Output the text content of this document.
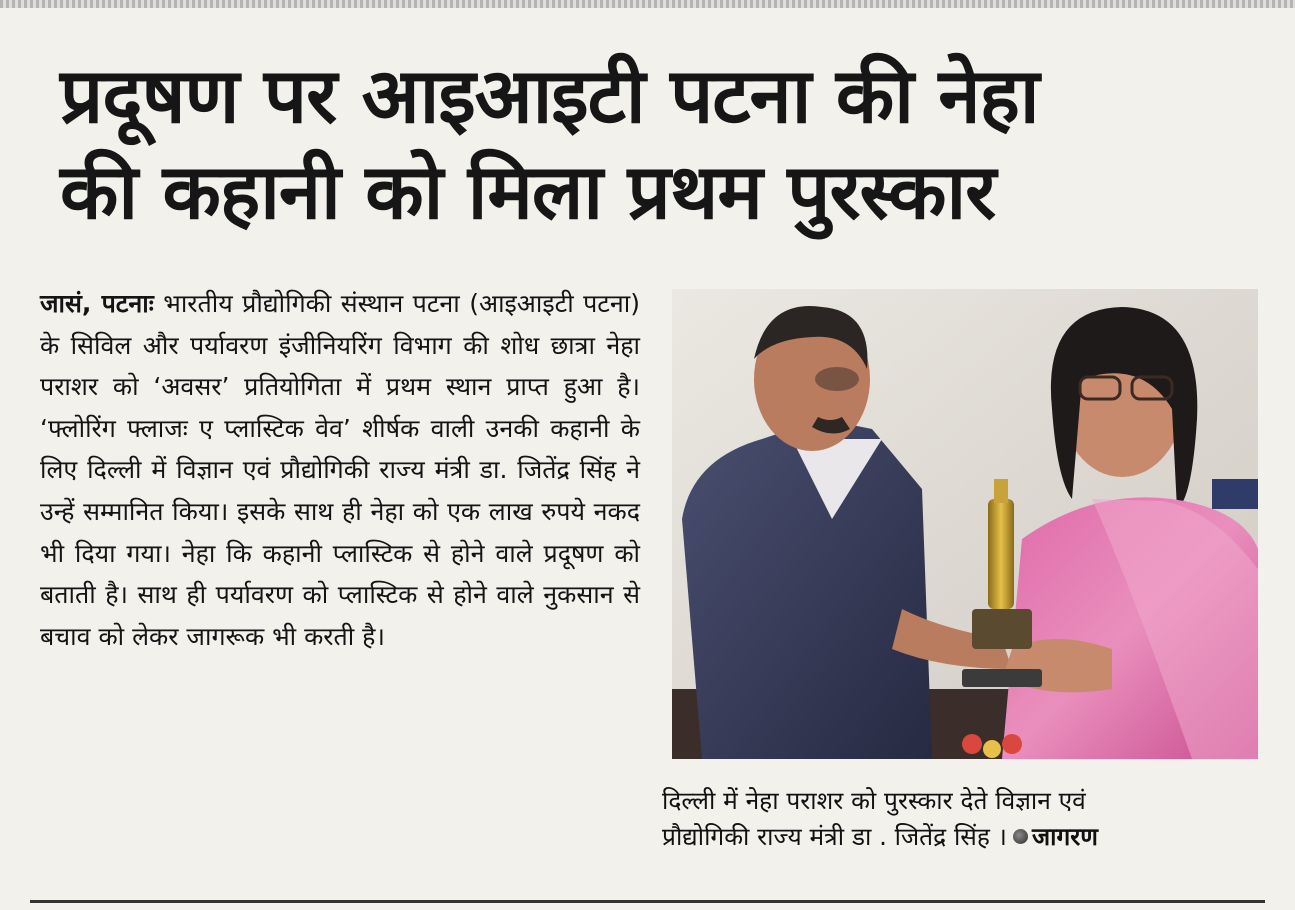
प्रदूषण पर आइआइटी पटना की नेहा
की कहानी को मिला प्रथम पुरस्कार

जासं, पटनाः भारतीय प्रौद्योगिकी संस्थान पटना (आइआइटी पटना) के सिविल और पर्यावरण इंजीनियरिंग विभाग की शोध छात्रा नेहा पराशर को ‘अवसर’ प्रतियोगिता में प्रथम स्थान प्राप्त हुआ है। ‘फ्लोरिंग फ्लाजः ए प्लास्टिक वेव’ शीर्षक वाली उनकी कहानी के लिए दिल्ली में विज्ञान एवं प्रौद्योगिकी राज्य मंत्री डा. जितेंद्र सिंह ने उन्हें सम्मानित किया। इसके साथ ही नेहा को एक लाख रुपये नकद भी दिया गया। नेहा कि कहानी प्लास्टिक से होने वाले प्रदूषण को बताती है। साथ ही पर्यावरण को प्लास्टिक से होने वाले नुकसान से बचाव को लेकर जागरूक भी करती है।

दिल्ली में नेहा पराशर को पुरस्कार देते विज्ञान एवं
प्रौद्योगिकी राज्य मंत्री डा . जितेंद्र सिंह । जागरण
